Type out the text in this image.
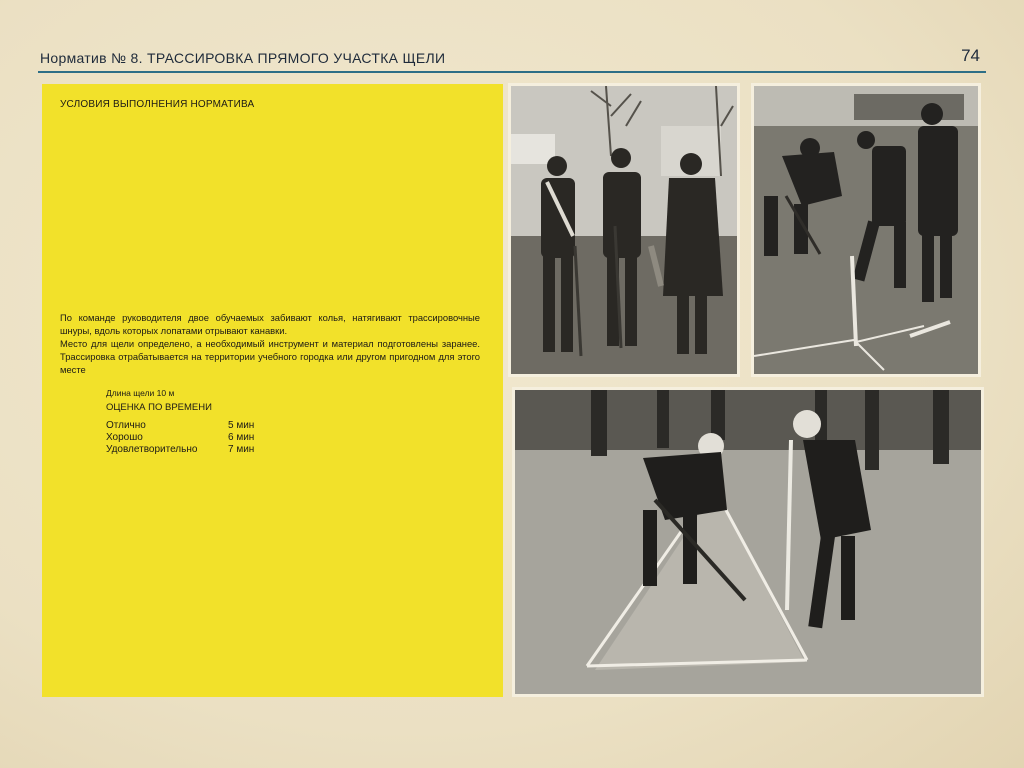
Норматив № 8. ТРАССИРОВКА ПРЯМОГО УЧАСТКА ЩЕЛИ	74
УСЛОВИЯ ВЫПОЛНЕНИЯ НОРМАТИВА

По команде руководителя двое обучаемых забивают колья, натягивают трассировочные шнуры, вдоль которых лопатами отрывают канавки.

Место для щели определено, а необходимый инструмент и материал подготовлены заранее. Трассировка отрабатывается на территории учебного городка или другом пригодном для этого месте

Длина щели 10 м
ОЦЕНКА ПО ВРЕМЕНИ
Отлично	5 мин
Хорошо	6 мин
Удовлетворительно	7 мин
